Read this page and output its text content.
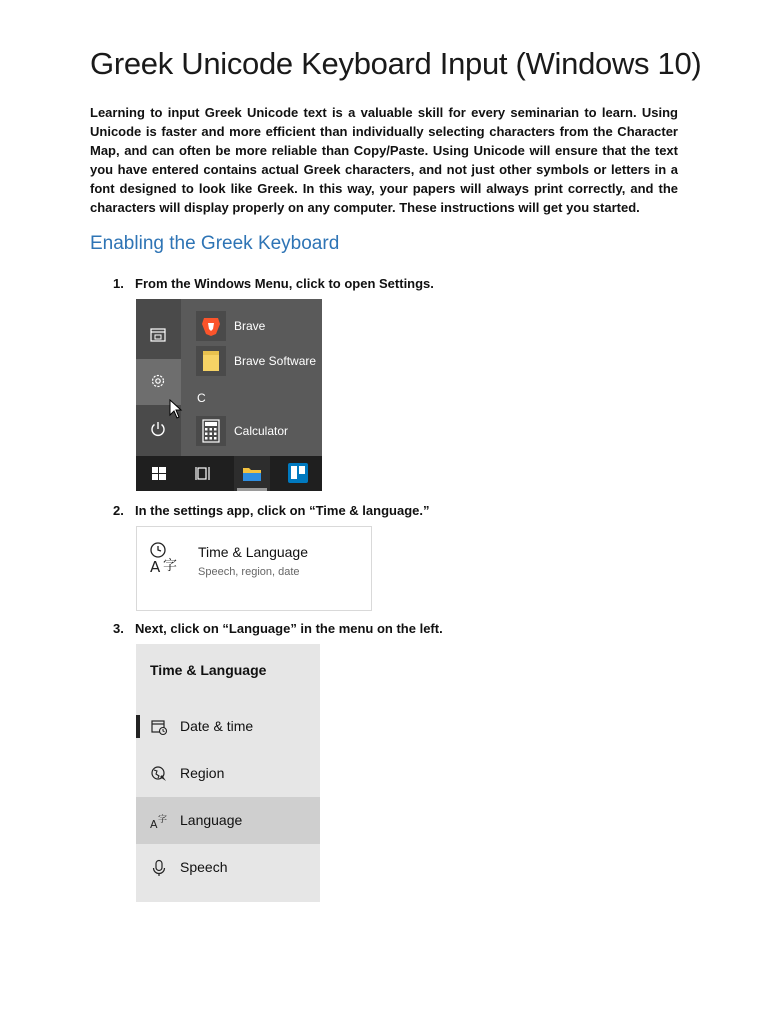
Greek Unicode Keyboard Input (Windows 10)
Learning to input Greek Unicode text is a valuable skill for every seminarian to learn. Using Unicode is faster and more efficient than individually selecting characters from the Character Map, and can often be more reliable than Copy/Paste. Using Unicode will ensure that the text you have entered contains actual Greek characters, and not just other symbols or letters in a font designed to look like Greek. In this way, your papers will always print correctly, and the characters will display properly on any computer. These instructions will get you started.
Enabling the Greek Keyboard
1. From the Windows Menu, click to open Settings.
Brave
Brave Software
C
Calculator
2. In the settings app, click on “Time & language.”
A 字
Time & Language
Speech, region, date
3. Next, click on “Language” in the menu on the left.
Time & Language
Date & time
Region
A 字 Language
Speech
